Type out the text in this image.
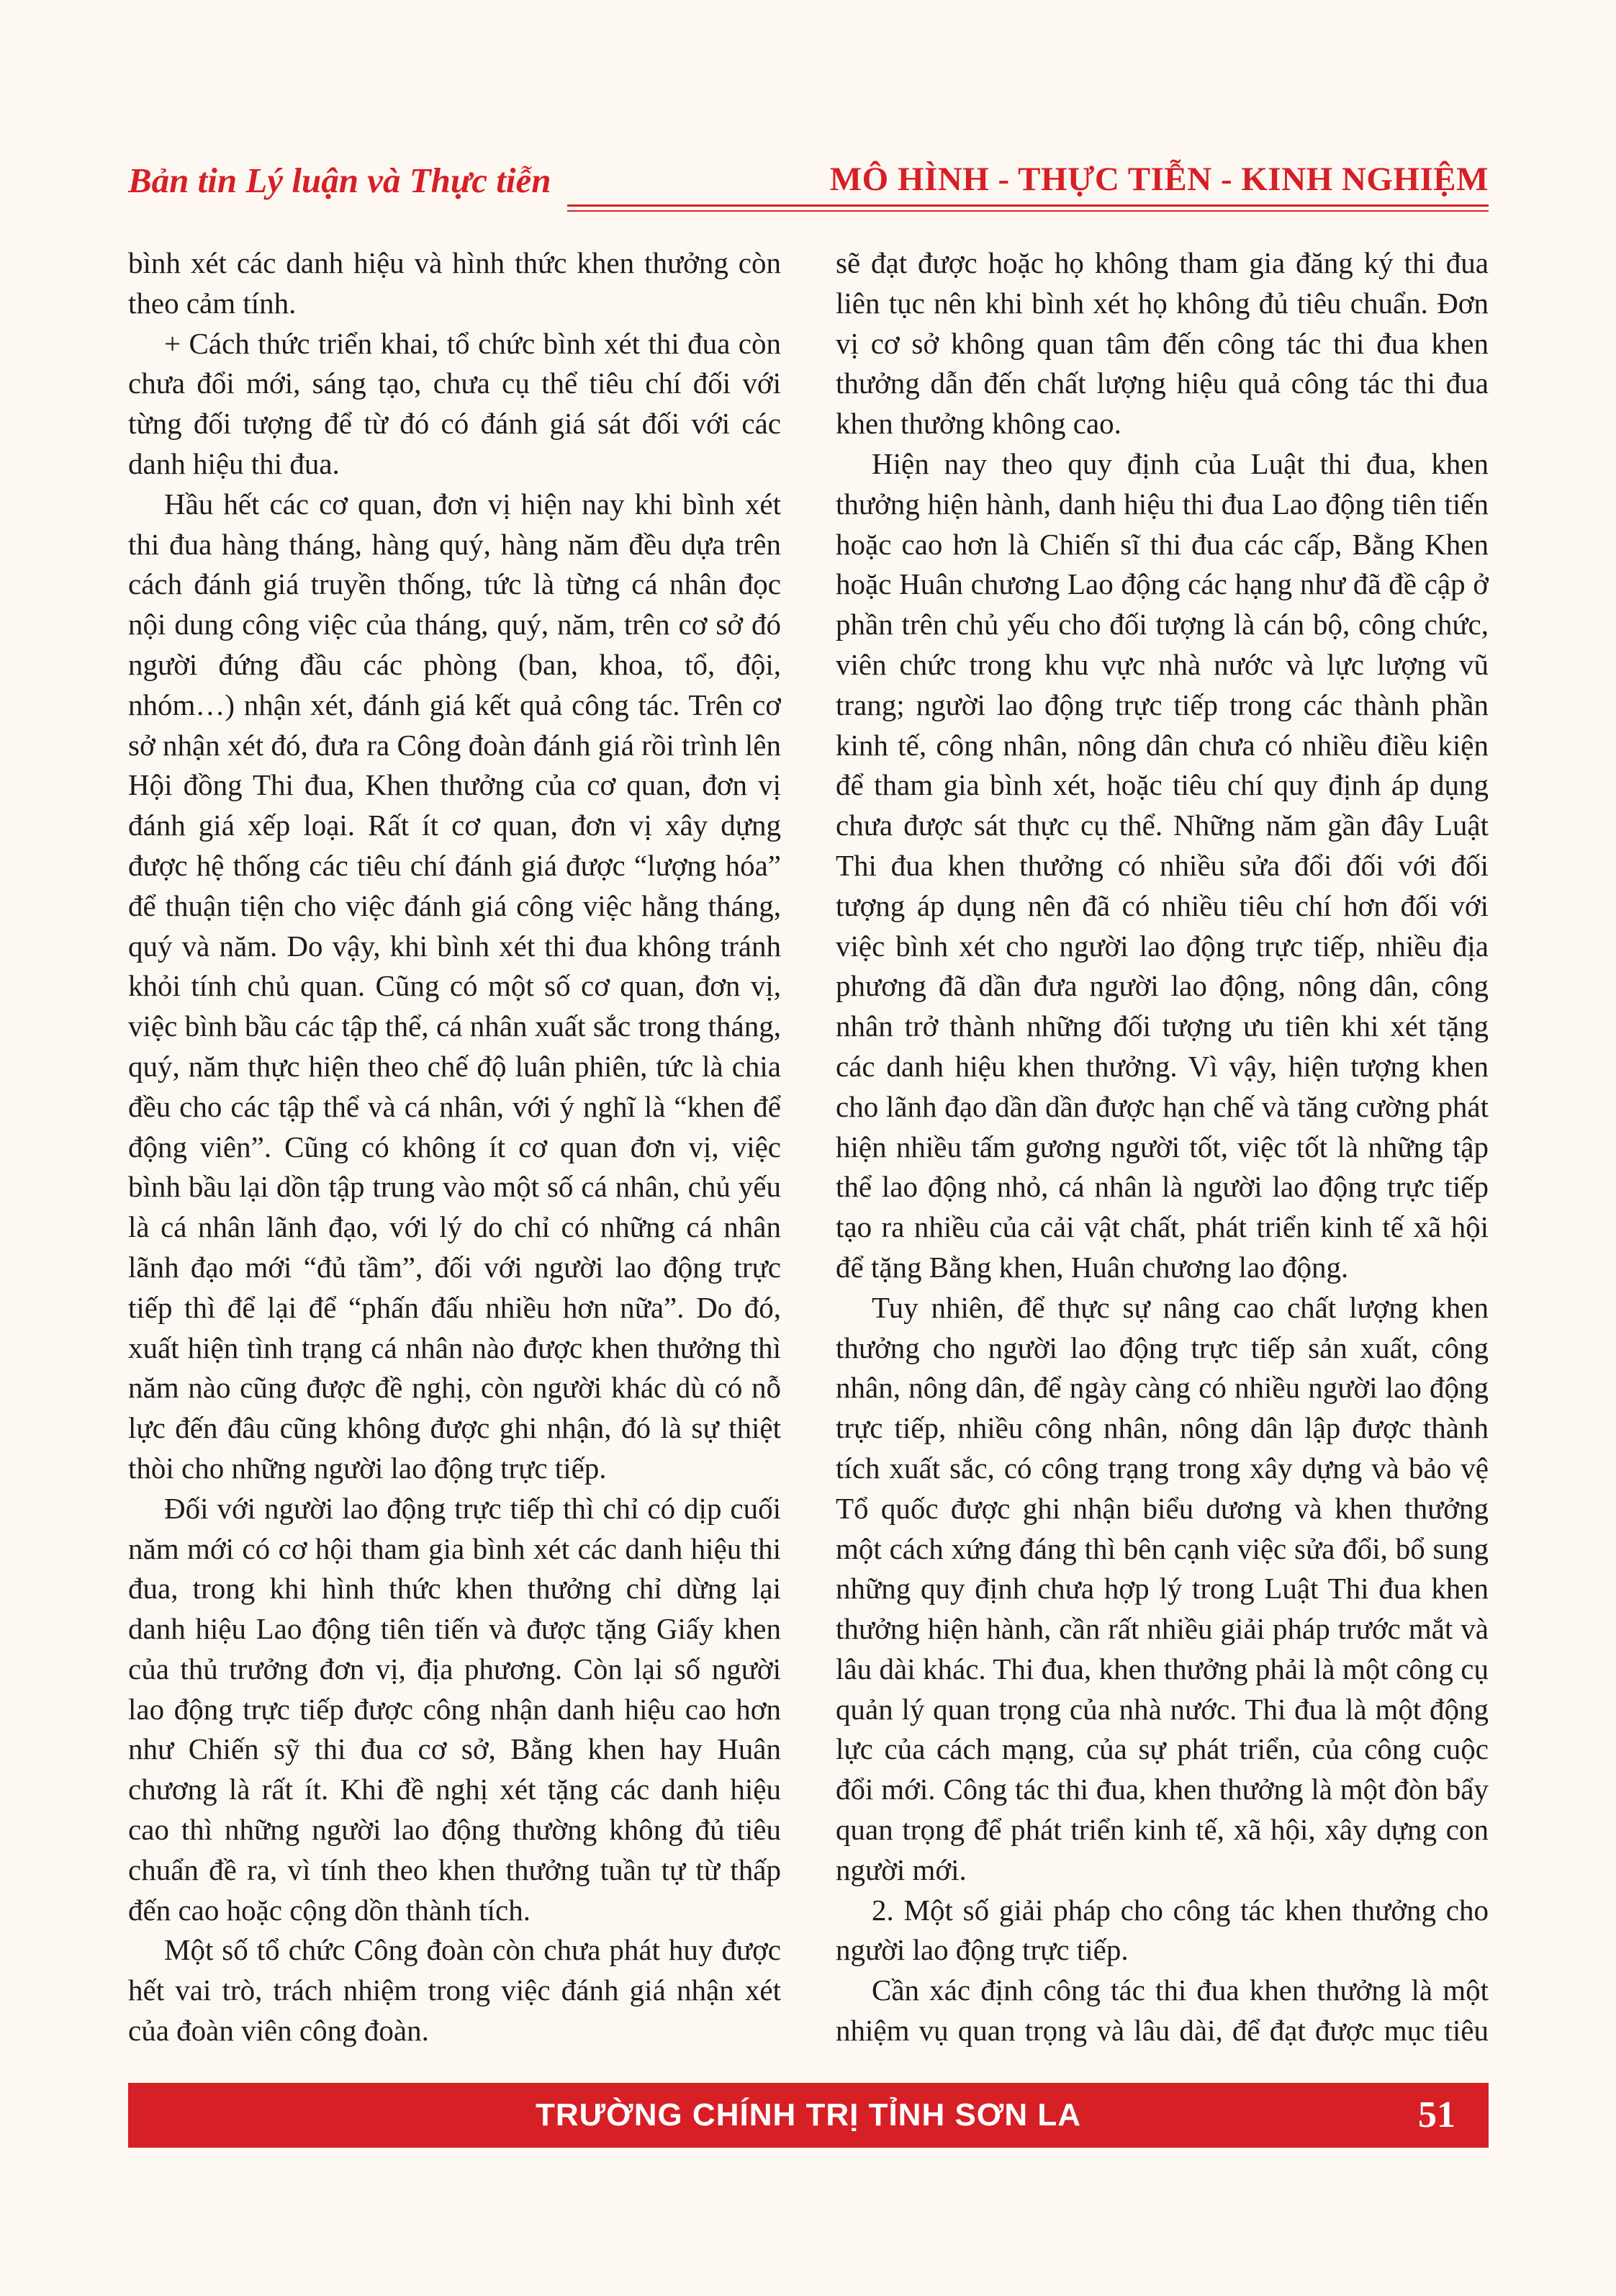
Bản tin Lý luận và Thực tiễn	MÔ HÌNH - THỰC TIỄN - KINH NGHIỆM

bình xét các danh hiệu và hình thức khen thưởng còn theo cảm tính.

+ Cách thức triển khai, tổ chức bình xét thi đua còn chưa đổi mới, sáng tạo, chưa cụ thể tiêu chí đối với từng đối tượng để từ đó có đánh giá sát đối với các danh hiệu thi đua.

Hầu hết các cơ quan, đơn vị hiện nay khi bình xét thi đua hàng tháng, hàng quý, hàng năm đều dựa trên cách đánh giá truyền thống, tức là từng cá nhân đọc nội dung công việc của tháng, quý, năm, trên cơ sở đó người đứng đầu các phòng (ban, khoa, tổ, đội, nhóm…) nhận xét, đánh giá kết quả công tác. Trên cơ sở nhận xét đó, đưa ra Công đoàn đánh giá rồi trình lên Hội đồng Thi đua, Khen thưởng của cơ quan, đơn vị đánh giá xếp loại. Rất ít cơ quan, đơn vị xây dựng được hệ thống các tiêu chí đánh giá được “lượng hóa” để thuận tiện cho việc đánh giá công việc hằng tháng, quý và năm. Do vậy, khi bình xét thi đua không tránh khỏi tính chủ quan. Cũng có một số cơ quan, đơn vị, việc bình bầu các tập thể, cá nhân xuất sắc trong tháng, quý, năm thực hiện theo chế độ luân phiên, tức là chia đều cho các tập thể và cá nhân, với ý nghĩ là “khen để động viên”. Cũng có không ít cơ quan đơn vị, việc bình bầu lại dồn tập trung vào một số cá nhân, chủ yếu là cá nhân lãnh đạo, với lý do chỉ có những cá nhân lãnh đạo mới “đủ tầm”, đối với người lao động trực tiếp thì để lại để “phấn đấu nhiều hơn nữa”. Do đó, xuất hiện tình trạng cá nhân nào được khen thưởng thì năm nào cũng được đề nghị, còn người khác dù có nỗ lực đến đâu cũng không được ghi nhận, đó là sự thiệt thòi cho những người lao động trực tiếp.

Đối với người lao động trực tiếp thì chỉ có dịp cuối năm mới có cơ hội tham gia bình xét các danh hiệu thi đua, trong khi hình thức khen thưởng chỉ dừng lại danh hiệu Lao động tiên tiến và được tặng Giấy khen của thủ trưởng đơn vị, địa phương. Còn lại số người lao động trực tiếp được công nhận danh hiệu cao hơn như Chiến sỹ thi đua cơ sở, Bằng khen hay Huân chương là rất ít. Khi đề nghị xét tặng các danh hiệu cao thì những người lao động thường không đủ tiêu chuẩn đề ra, vì tính theo khen thưởng tuần tự từ thấp đến cao hoặc cộng dồn thành tích.

Một số tổ chức Công đoàn còn chưa phát huy được hết vai trò, trách nhiệm trong việc đánh giá nhận xét của đoàn viên công đoàn.

sẽ đạt được hoặc họ không tham gia đăng ký thi đua liên tục nên khi bình xét họ không đủ tiêu chuẩn. Đơn vị cơ sở không quan tâm đến công tác thi đua khen thưởng dẫn đến chất lượng hiệu quả công tác thi đua khen thưởng không cao.

Hiện nay theo quy định của Luật thi đua, khen thưởng hiện hành, danh hiệu thi đua Lao động tiên tiến hoặc cao hơn là Chiến sĩ thi đua các cấp, Bằng Khen hoặc Huân chương Lao động các hạng như đã đề cập ở phần trên chủ yếu cho đối tượng là cán bộ, công chức, viên chức trong khu vực nhà nước và lực lượng vũ trang; người lao động trực tiếp trong các thành phần kinh tế, công nhân, nông dân chưa có nhiều điều kiện để tham gia bình xét, hoặc tiêu chí quy định áp dụng chưa được sát thực cụ thể. Những năm gần đây Luật Thi đua khen thưởng có nhiều sửa đổi đối với đối tượng áp dụng nên đã có nhiều tiêu chí hơn đối với việc bình xét cho người lao động trực tiếp, nhiều địa phương đã dần đưa người lao động, nông dân, công nhân trở thành những đối tượng ưu tiên khi xét tặng các danh hiệu khen thưởng. Vì vậy, hiện tượng khen cho lãnh đạo dần dần được hạn chế và tăng cường phát hiện nhiều tấm gương người tốt, việc tốt là những tập thể lao động nhỏ, cá nhân là người lao động trực tiếp tạo ra nhiều của cải vật chất, phát triển kinh tế xã hội để tặng Bằng khen, Huân chương lao động.

Tuy nhiên, để thực sự nâng cao chất lượng khen thưởng cho người lao động trực tiếp sản xuất, công nhân, nông dân, để ngày càng có nhiều người lao động trực tiếp, nhiều công nhân, nông dân lập được thành tích xuất sắc, có công trạng trong xây dựng và bảo vệ Tổ quốc được ghi nhận biểu dương và khen thưởng một cách xứng đáng thì bên cạnh việc sửa đổi, bổ sung những quy định chưa hợp lý trong Luật Thi đua khen thưởng hiện hành, cần rất nhiều giải pháp trước mắt và lâu dài khác. Thi đua, khen thưởng phải là một công cụ quản lý quan trọng của nhà nước. Thi đua là một động lực của cách mạng, của sự phát triển, của công cuộc đổi mới. Công tác thi đua, khen thưởng là một đòn bẩy quan trọng để phát triển kinh tế, xã hội, xây dựng con người mới.

2. Một số giải pháp cho công tác khen thưởng cho người lao động trực tiếp.

Cần xác định công tác thi đua khen thưởng là một nhiệm vụ quan trọng và lâu dài, để đạt được mục tiêu

TRƯỜNG CHÍNH TRỊ TỈNH SƠN LA	51
